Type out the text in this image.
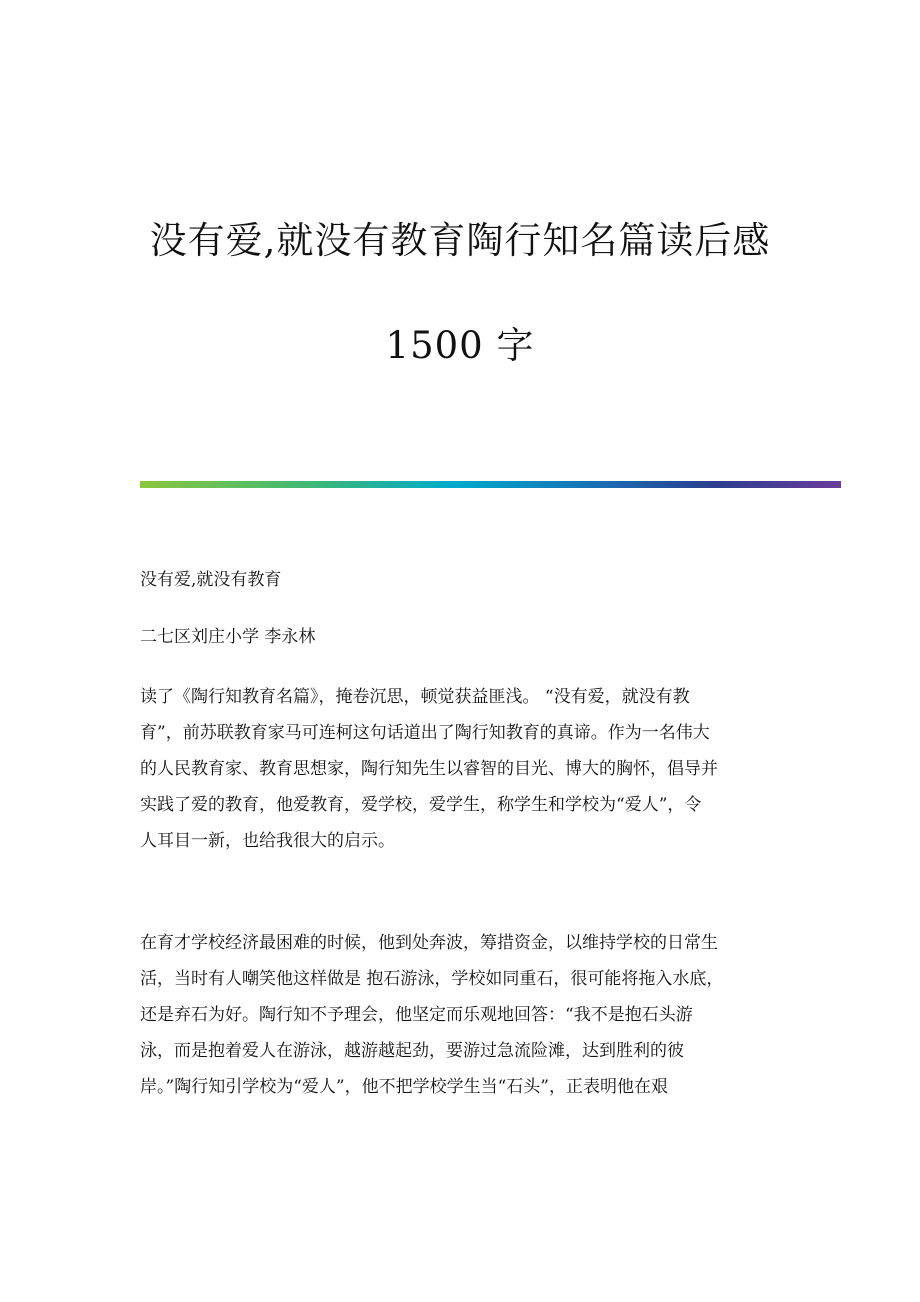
没有爱,就没有教育陶行知名篇读后感
1500 字
没有爱,就没有教育
二七区刘庄小学 李永林
读了《陶行知教育名篇》，掩卷沉思，顿觉获益匪浅。 “没有爱，就没有教
育”，前苏联教育家马可连柯这句话道出了陶行知教育的真谛。作为一名伟大
的人民教育家、教育思想家，陶行知先生以睿智的目光、博大的胸怀，倡导并
实践了爱的教育，他爱教育，爱学校，爱学生，称学生和学校为“爱人”，令
人耳目一新，也给我很大的启示。
在育才学校经济最困难的时候，他到处奔波，筹措资金，以维持学校的日常生
活，当时有人嘲笑他这样做是 抱石游泳，学校如同重石，很可能将拖入水底，
还是弃石为好。陶行知不予理会，他坚定而乐观地回答：“我不是抱石头游
泳，而是抱着爱人在游泳，越游越起劲，要游过急流险滩，达到胜利的彼
岸。”陶行知引学校为“爱人”，他不把学校学生当“石头”，正表明他在艰
